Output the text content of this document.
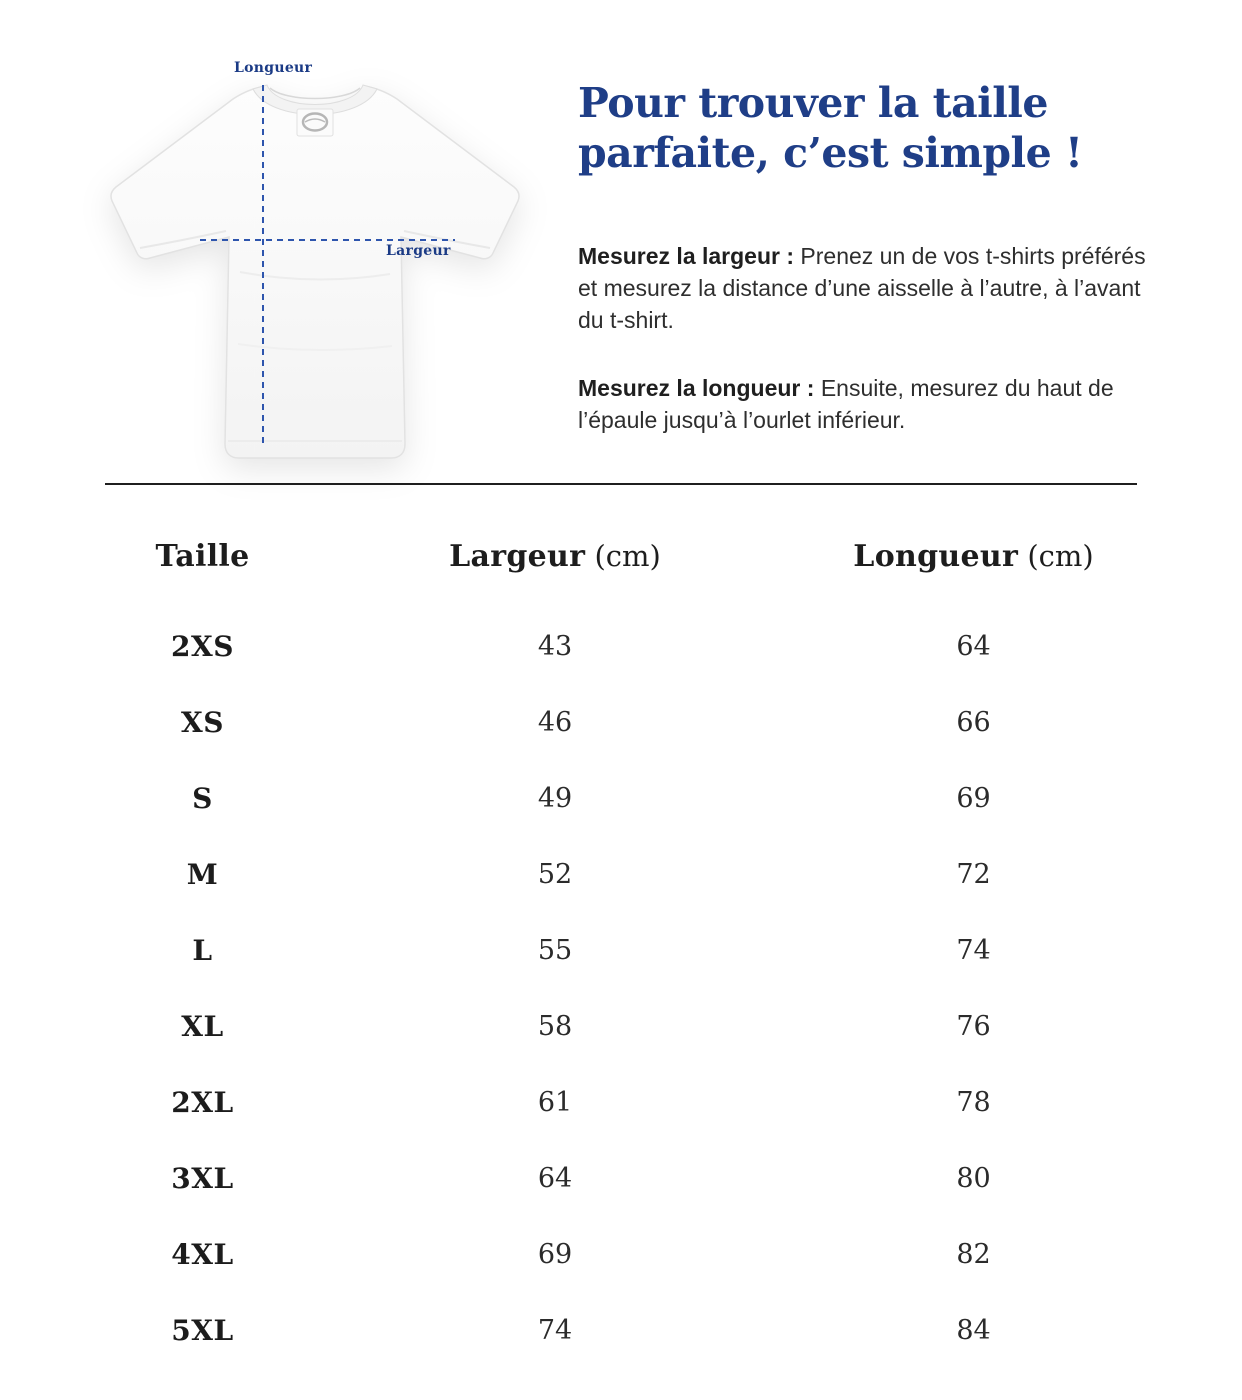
Longueur
Largeur
Pour trouver la taille
parfaite, c’est simple !

Mesurez la largeur : Prenez un de vos t-shirts préférés et mesurez la distance d’une aisselle à l’autre, à l’avant du t-shirt.

Mesurez la longueur : Ensuite, mesurez du haut de l’épaule jusqu’à l’ourlet inférieur.

Taille	Largeur (cm)	Longueur (cm)
2XS	43	64
XS	46	66
S	49	69
M	52	72
L	55	74
XL	58	76
2XL	61	78
3XL	64	80
4XL	69	82
5XL	74	84
